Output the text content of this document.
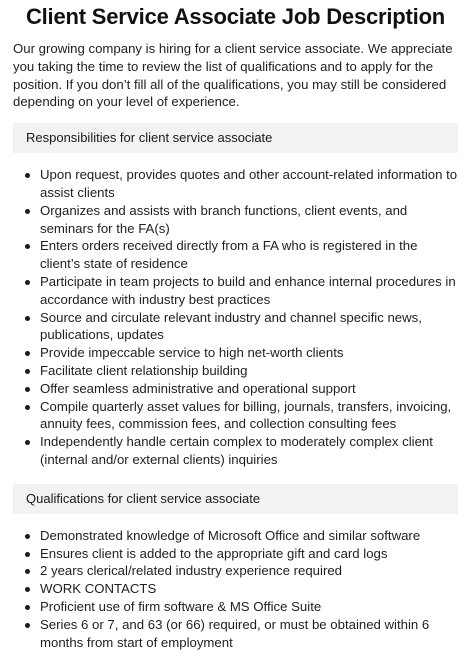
Client Service Associate Job Description

Our growing company is hiring for a client service associate. We appreciate you taking the time to review the list of qualifications and to apply for the position. If you don’t fill all of the qualifications, you may still be considered depending on your level of experience.

Responsibilities for client service associate
Upon request, provides quotes and other account-related information to assist clients
Organizes and assists with branch functions, client events, and seminars for the FA(s)
Enters orders received directly from a FA who is registered in the client’s state of residence
Participate in team projects to build and enhance internal procedures in accordance with industry best practices
Source and circulate relevant industry and channel specific news, publications, updates
Provide impeccable service to high net-worth clients
Facilitate client relationship building
Offer seamless administrative and operational support
Compile quarterly asset values for billing, journals, transfers, invoicing, annuity fees, commission fees, and collection consulting fees
Independently handle certain complex to moderately complex client (internal and/or external clients) inquiries
Qualifications for client service associate
Demonstrated knowledge of Microsoft Office and similar software
Ensures client is added to the appropriate gift and card logs
2 years clerical/related industry experience required
WORK CONTACTS
Proficient use of firm software & MS Office Suite
Series 6 or 7, and 63 (or 66) required, or must be obtained within 6 months from start of employment
